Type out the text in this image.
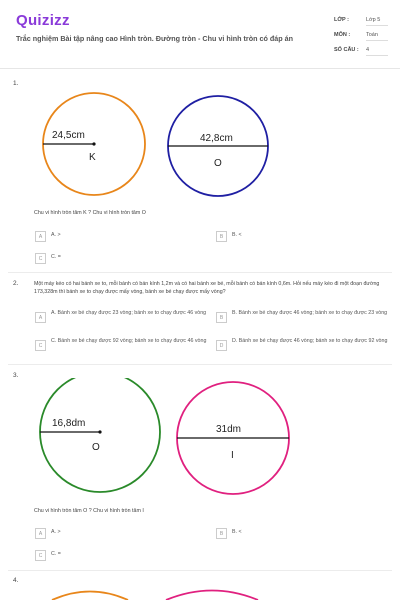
Quizizz
Trắc nghiệm Bài tập nâng cao Hình tròn. Đường tròn - Chu vi hình tròn có đáp án
LỚP :	Lớp 5
MÔN :	Toán
SỐ CÂU : 4
1.
24,5cm
K
42,8cm
O
Chu vi hình tròn tâm K ? Chu vi hình tròn tâm O
A	A. >	B	B. <
C	C. =
2.	Một máy kéo có hai bánh xe to, mỗi bánh có bán kính 1,2m và có hai bánh xe bé, mỗi bánh có bán kính 0,6m. Hỏi nếu máy kéo đi một đoạn đường 173,328m thì bánh xe to chạy được mấy vòng, bánh xe bé chạy được mấy vòng?
A
A. Bánh xe bé chạy được 23 vòng; bánh xe to chạy được 46 vòng
B
B. Bánh xe bé chạy được 46 vòng; bánh xe to chạy được 23 vòng
C
C. Bánh xe bé chạy được 92 vòng; bánh xe to chạy được 46 vòng
D
D. Bánh xe bé chạy được 46 vòng; bánh xe to chạy được 92 vòng
3.
16,8dm
O
31dm
I
Chu vi hình tròn tâm O ? Chu vi hình tròn tâm I
A	A. >	B	B. <
C	C. =
4.
